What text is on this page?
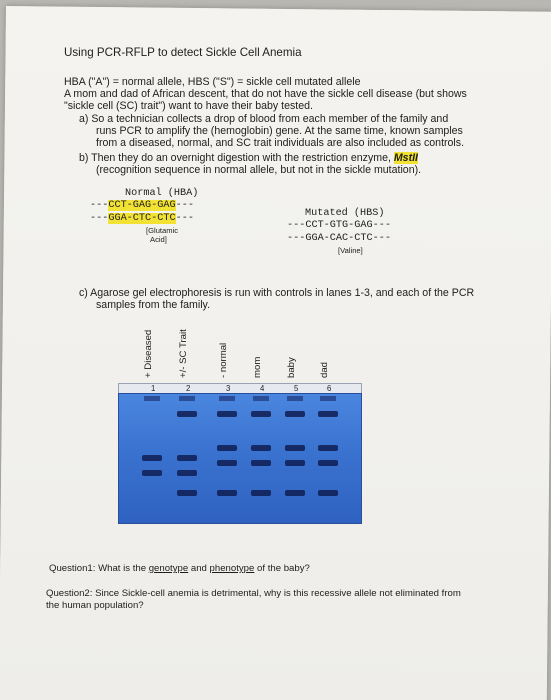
Using PCR-RFLP to detect Sickle Cell Anemia
HBA ("A") = normal allele, HBS ("S") = sickle cell mutated allele
A mom and dad of African descent, that do not have the sickle cell disease (but shows
"sickle cell (SC) trait") want to have their baby tested.
a) So a technician collects a drop of blood from each member of the family and
runs PCR to amplify the (hemoglobin) gene. At the same time, known samples
from a diseased, normal, and SC trait individuals are also included as controls.
b) Then they do an overnight digestion with the restriction enzyme, MstII
(recognition sequence in normal allele, but not in the sickle mutation).
Normal (HBA)
---CCT-GAG-GAG---
---GGA-CTC-CTC---
[Glutamic
Acid]
Mutated (HBS)
---CCT-GTG-GAG---
---GGA-CAC-CTC---
[Valine]
c) Agarose gel electrophoresis is run with controls in lanes 1-3, and each of the PCR
samples from the family.
+ Diseased
1
+/- SC Trait
2
- normal
3
mom
4
baby
5
dad
6
Question1: What is the genotype and phenotype of the baby?
Question2: Since Sickle-cell anemia is detrimental, why is this recessive allele not eliminated from
the human population?
